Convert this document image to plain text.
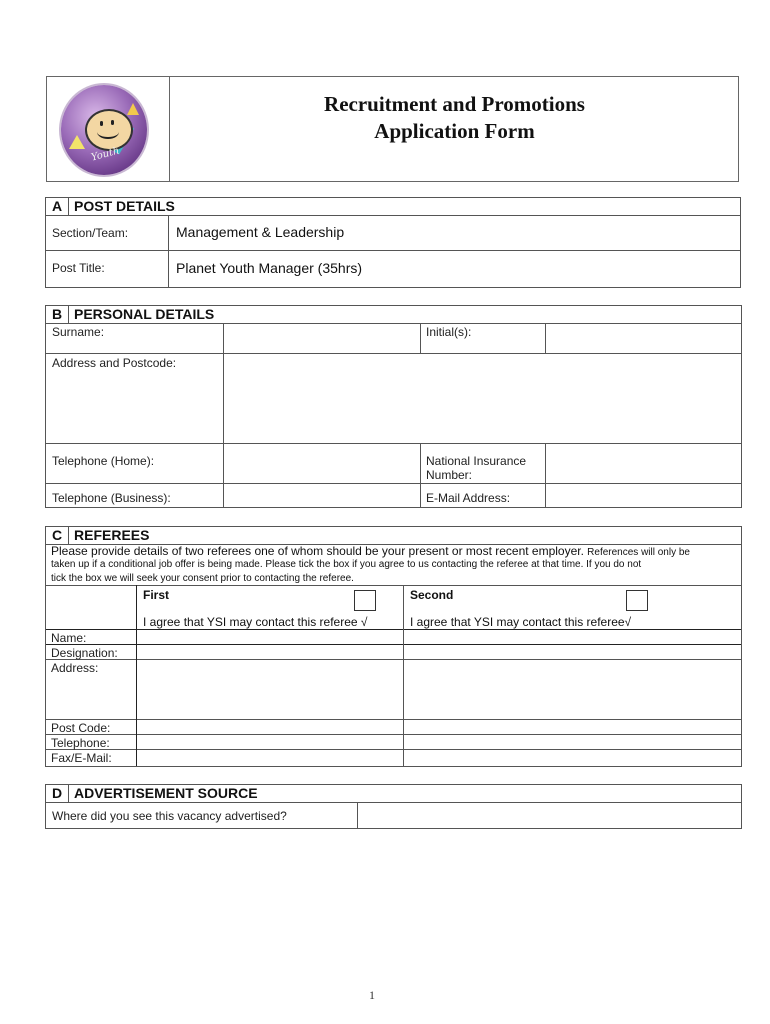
Youth
Recruitment and Promotions
Application Form
A POST DETAILS
Section/Team:	Management & Leadership
Post Title:	Planet Youth Manager (35hrs)
B PERSONAL DETAILS
Surname:	Initial(s):
Address and Postcode:
Telephone (Home):	National Insurance
Number:
Telephone (Business):	E-Mail Address:
C REFEREES
Please provide details of two referees one of whom should be your present or most recent employer. References will only be
taken up if a conditional job offer is being made. Please tick the box if you agree to us contacting the referee at that time. If you do not
tick the box we will seek your consent prior to contacting the referee.
First
I agree that YSI may contact this referee √
Second
I agree that YSI may contact this referee√
Name:
Designation:
Address:
Post Code:
Telephone:
Fax/E-Mail:
D ADVERTISEMENT SOURCE
Where did you see this vacancy advertised?
1
